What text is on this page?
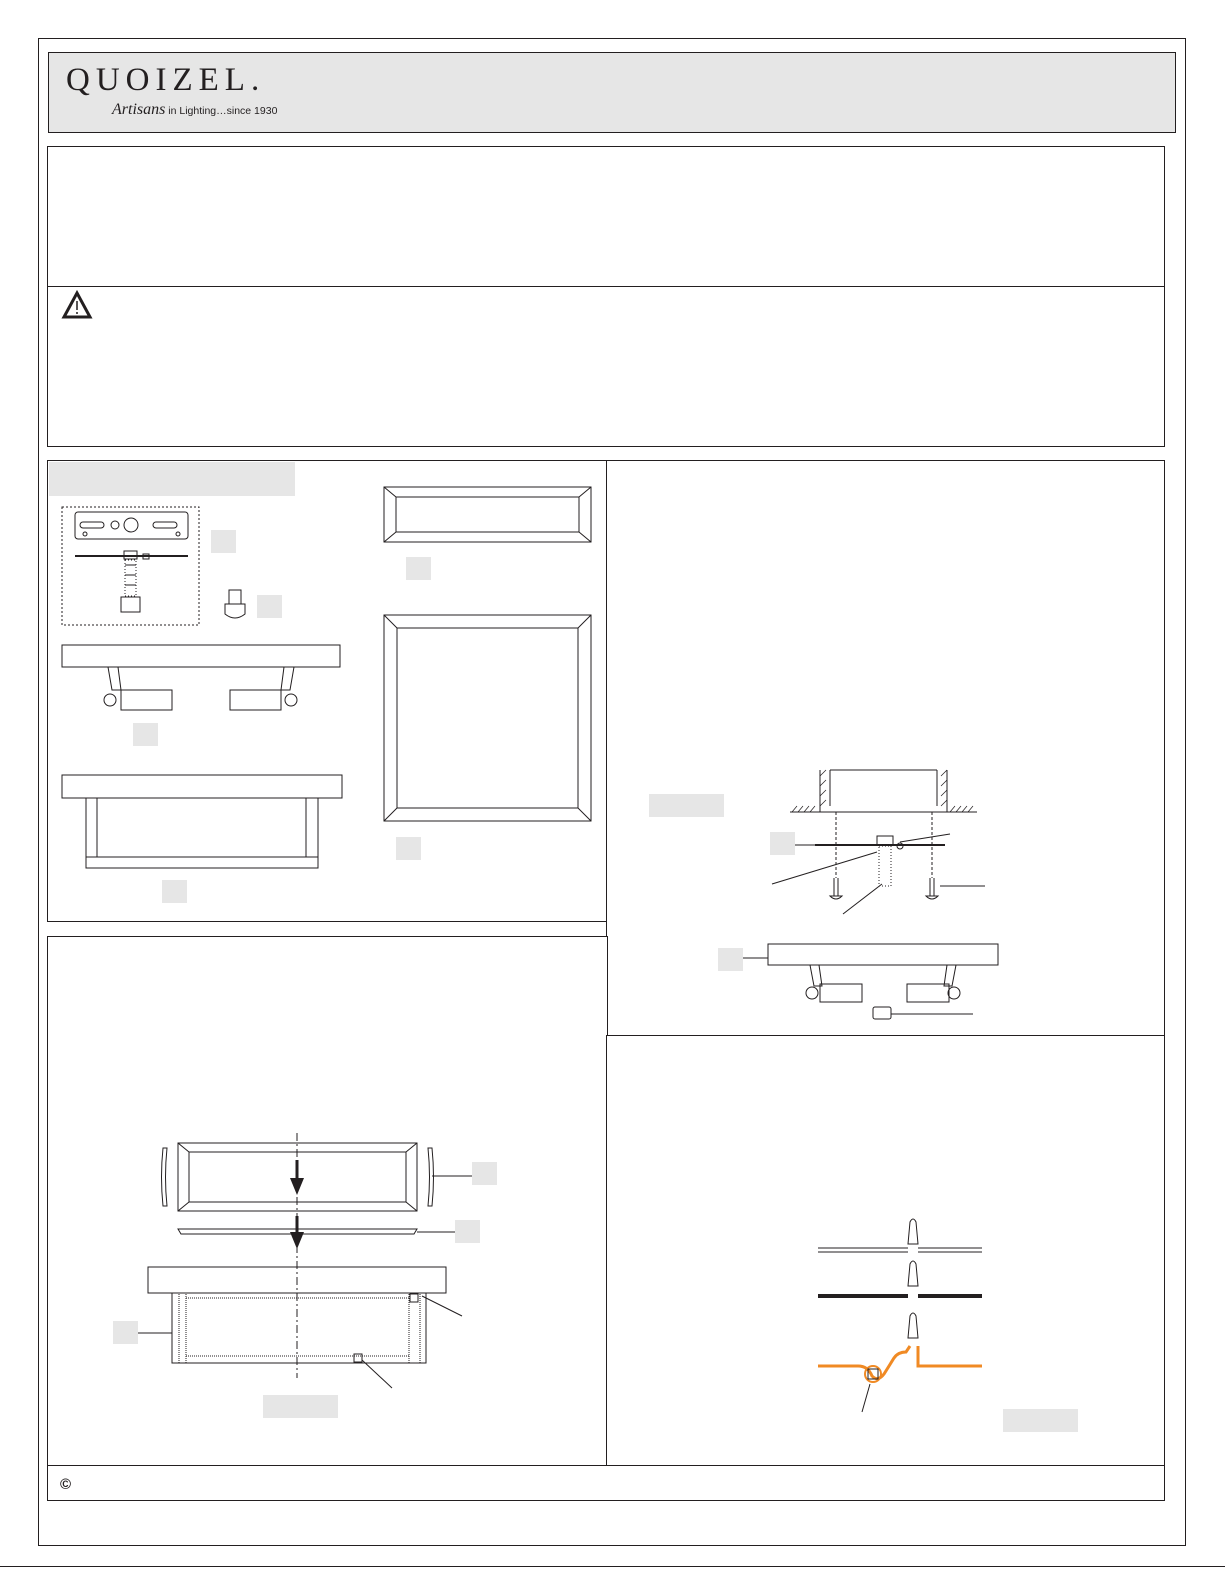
QUOIZEL.
Artisans in Lighting…since 1930
©
